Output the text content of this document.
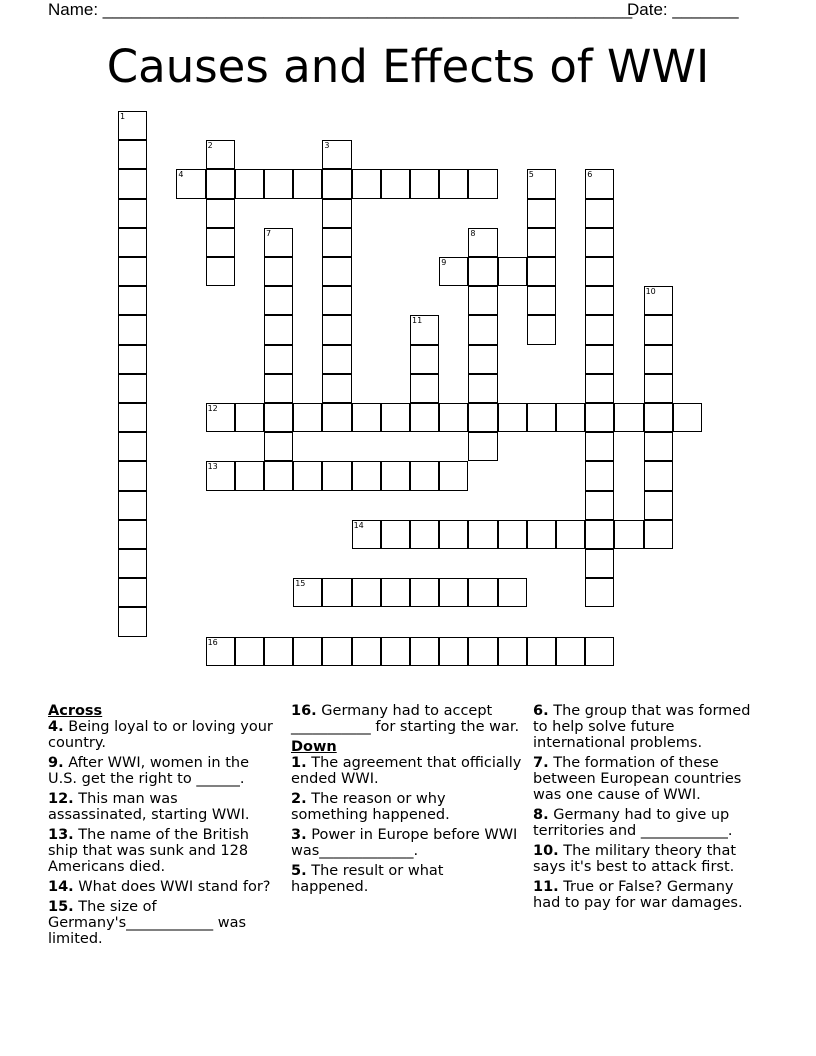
Name: ________________________________________________________
Date: _______
Causes and Effects of WWI
1
2	3
4	5	6
7	8
9
10
11
12
13
14
15
16
Across

4. Being loyal to or loving your country.

9. After WWI, women in the U.S. get the right to ______.

12. This man was assassinated, starting WWI.

13. The name of the British ship that was sunk and 128 Americans died.

14. What does WWI stand for?

15. The size of Germany's____________ was limited.

16. Germany had to accept ___________ for starting the war.

Down

1. The agreement that officially ended WWI.

2. The reason or why something happened.

3. Power in Europe before WWI was_____________.

5. The result or what happened.

6. The group that was formed to help solve future international problems.

7. The formation of these between European countries was one cause of WWI.

8. Germany had to give up territories and ____________.

10. The military theory that says it's best to attack first.

11. True or False? Germany had to pay for war damages.
